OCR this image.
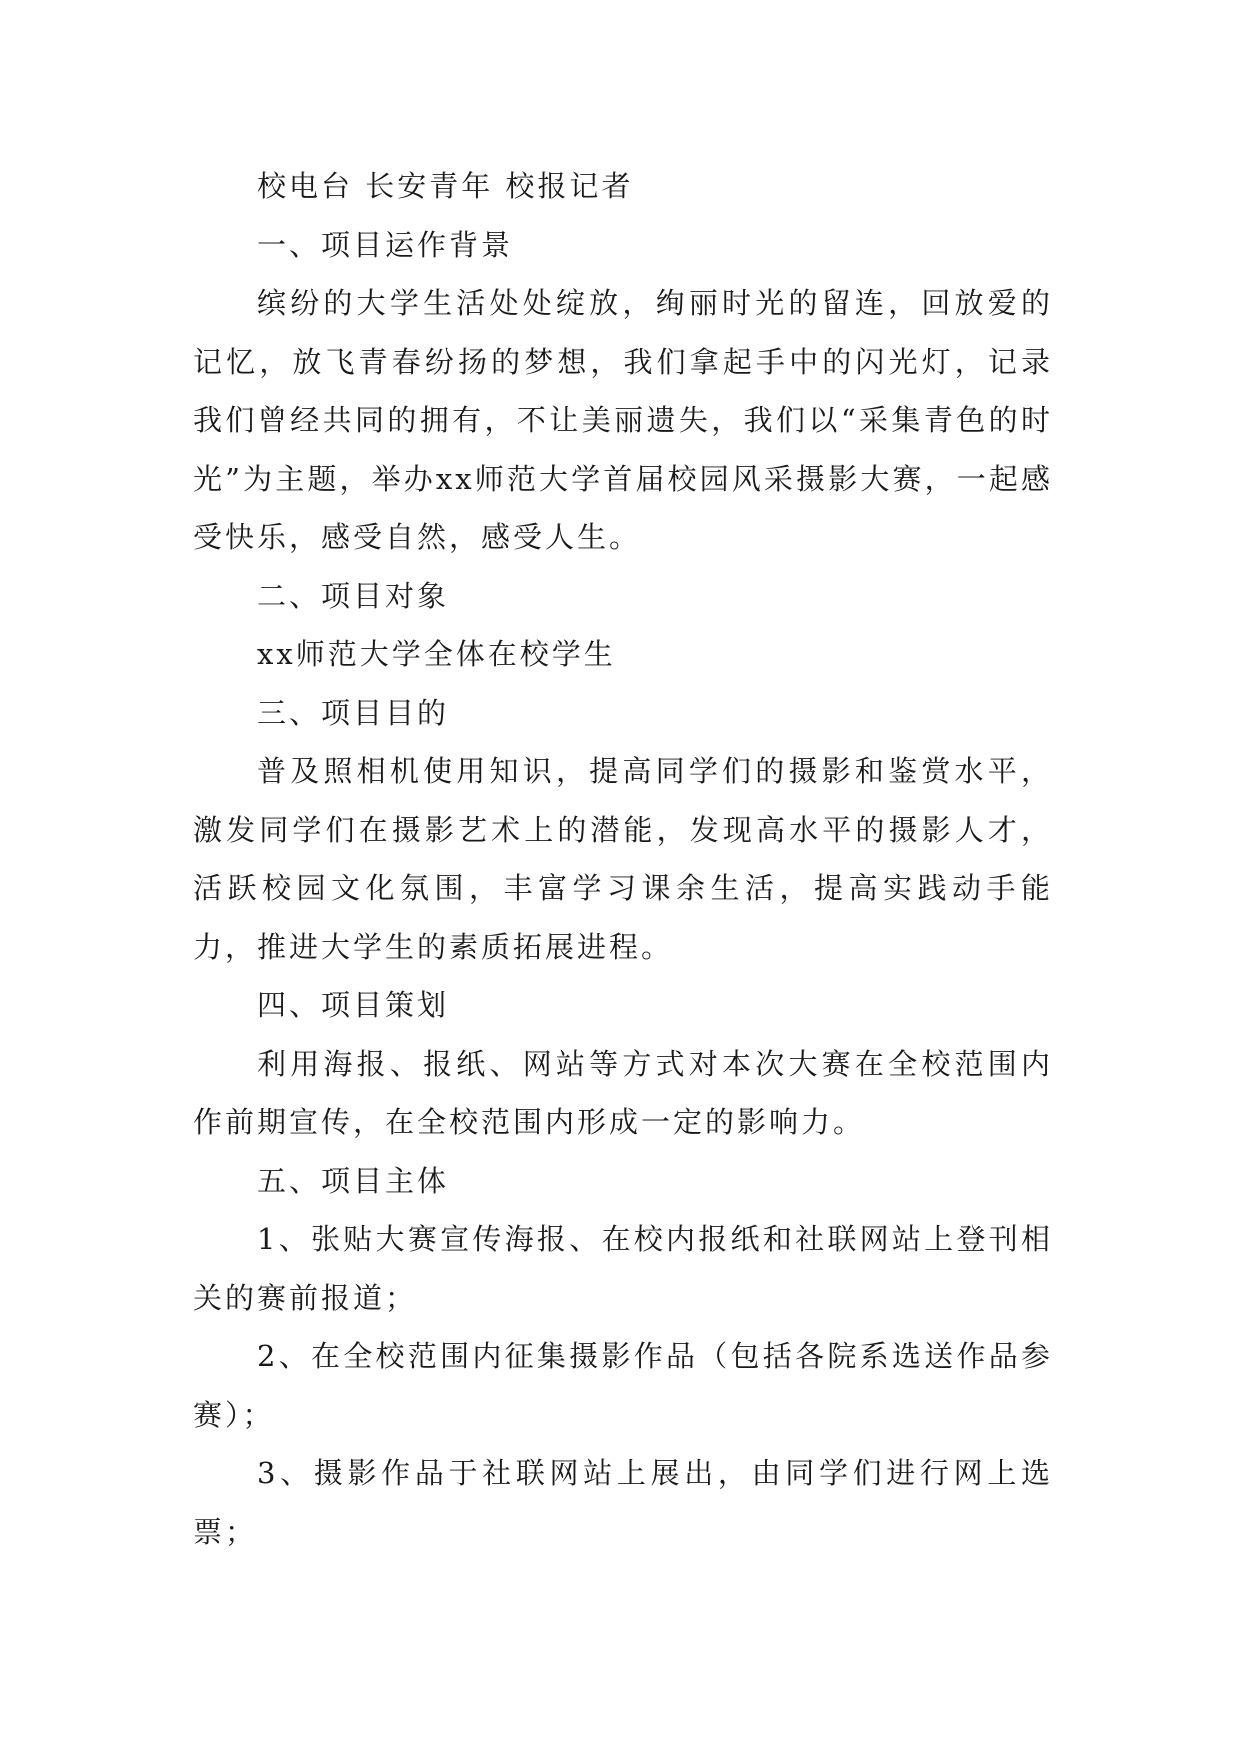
校电台 长安青年 校报记者

一、项目运作背景

缤纷的大学生活处处绽放，绚丽时光的留连，回放爱的记忆，放飞青春纷扬的梦想，我们拿起手中的闪光灯，记录我们曾经共同的拥有，不让美丽遗失，我们以“采集青色的时光”为主题，举办xx师范大学首届校园风采摄影大赛，一起感受快乐，感受自然，感受人生。

二、项目对象

xx师范大学全体在校学生

三、项目目的

普及照相机使用知识，提高同学们的摄影和鉴赏水平，激发同学们在摄影艺术上的潜能，发现高水平的摄影人才，活跃校园文化氛围，丰富学习课余生活，提高实践动手能力，推进大学生的素质拓展进程。

四、项目策划

利用海报、报纸、网站等方式对本次大赛在全校范围内作前期宣传，在全校范围内形成一定的影响力。

五、项目主体

1、张贴大赛宣传海报、在校内报纸和社联网站上登刊相关的赛前报道；

2、在全校范围内征集摄影作品（包括各院系选送作品参赛）；

3、摄影作品于社联网站上展出，由同学们进行网上选票；
